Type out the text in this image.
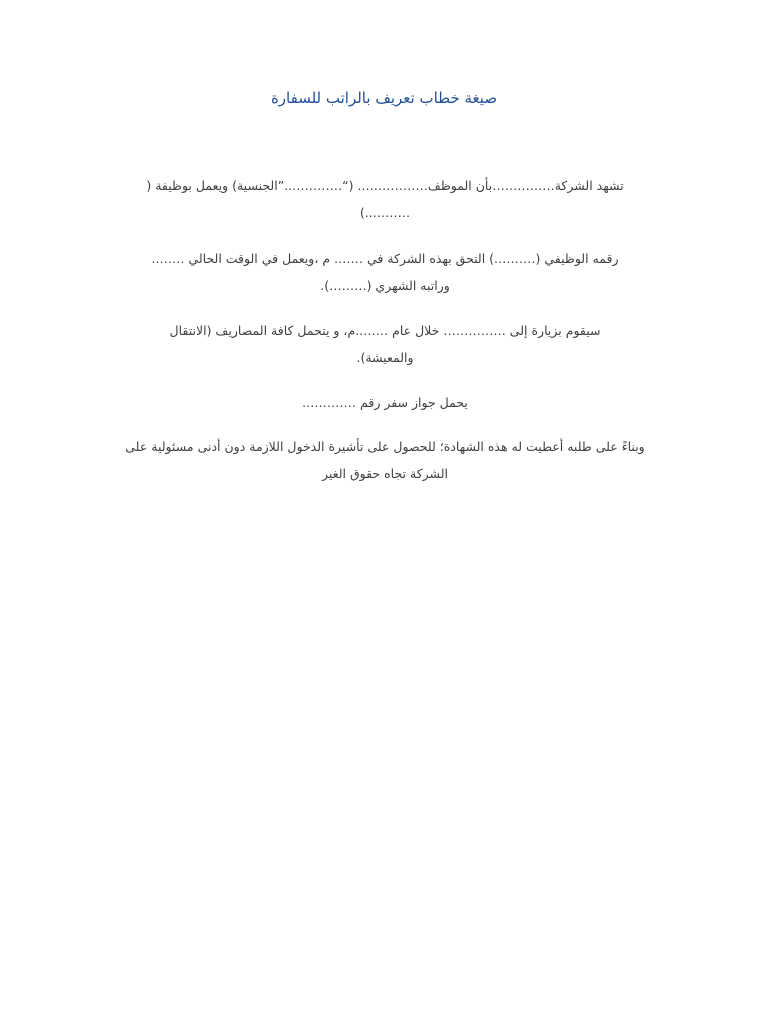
صيغة خطاب تعريف بالراتب للسفارة

تشهد الشركة……………بأن الموظف…………….. (“…………..”الجنسية) ويعمل بوظيفة (
………..)

رقمه الوظيفي (……….) التحق بهذه الشركة في ……. م ،ويعمل في الوقت الحالي ……..
وراتبه الشهري (………).

سيقوم بزيارة إلى …………… خلال عام ……..م، و يتحمل كافة المصاريف (الانتقال
والمعيشة).

يحمل جواز سفر رقم ………….

وبناءً على طلبه أعطيت له هذه الشهادة؛ للحصول على تأشيرة الدخول اللازمة دون أدنى مسئولية على
الشركة تجاه حقوق الغير
